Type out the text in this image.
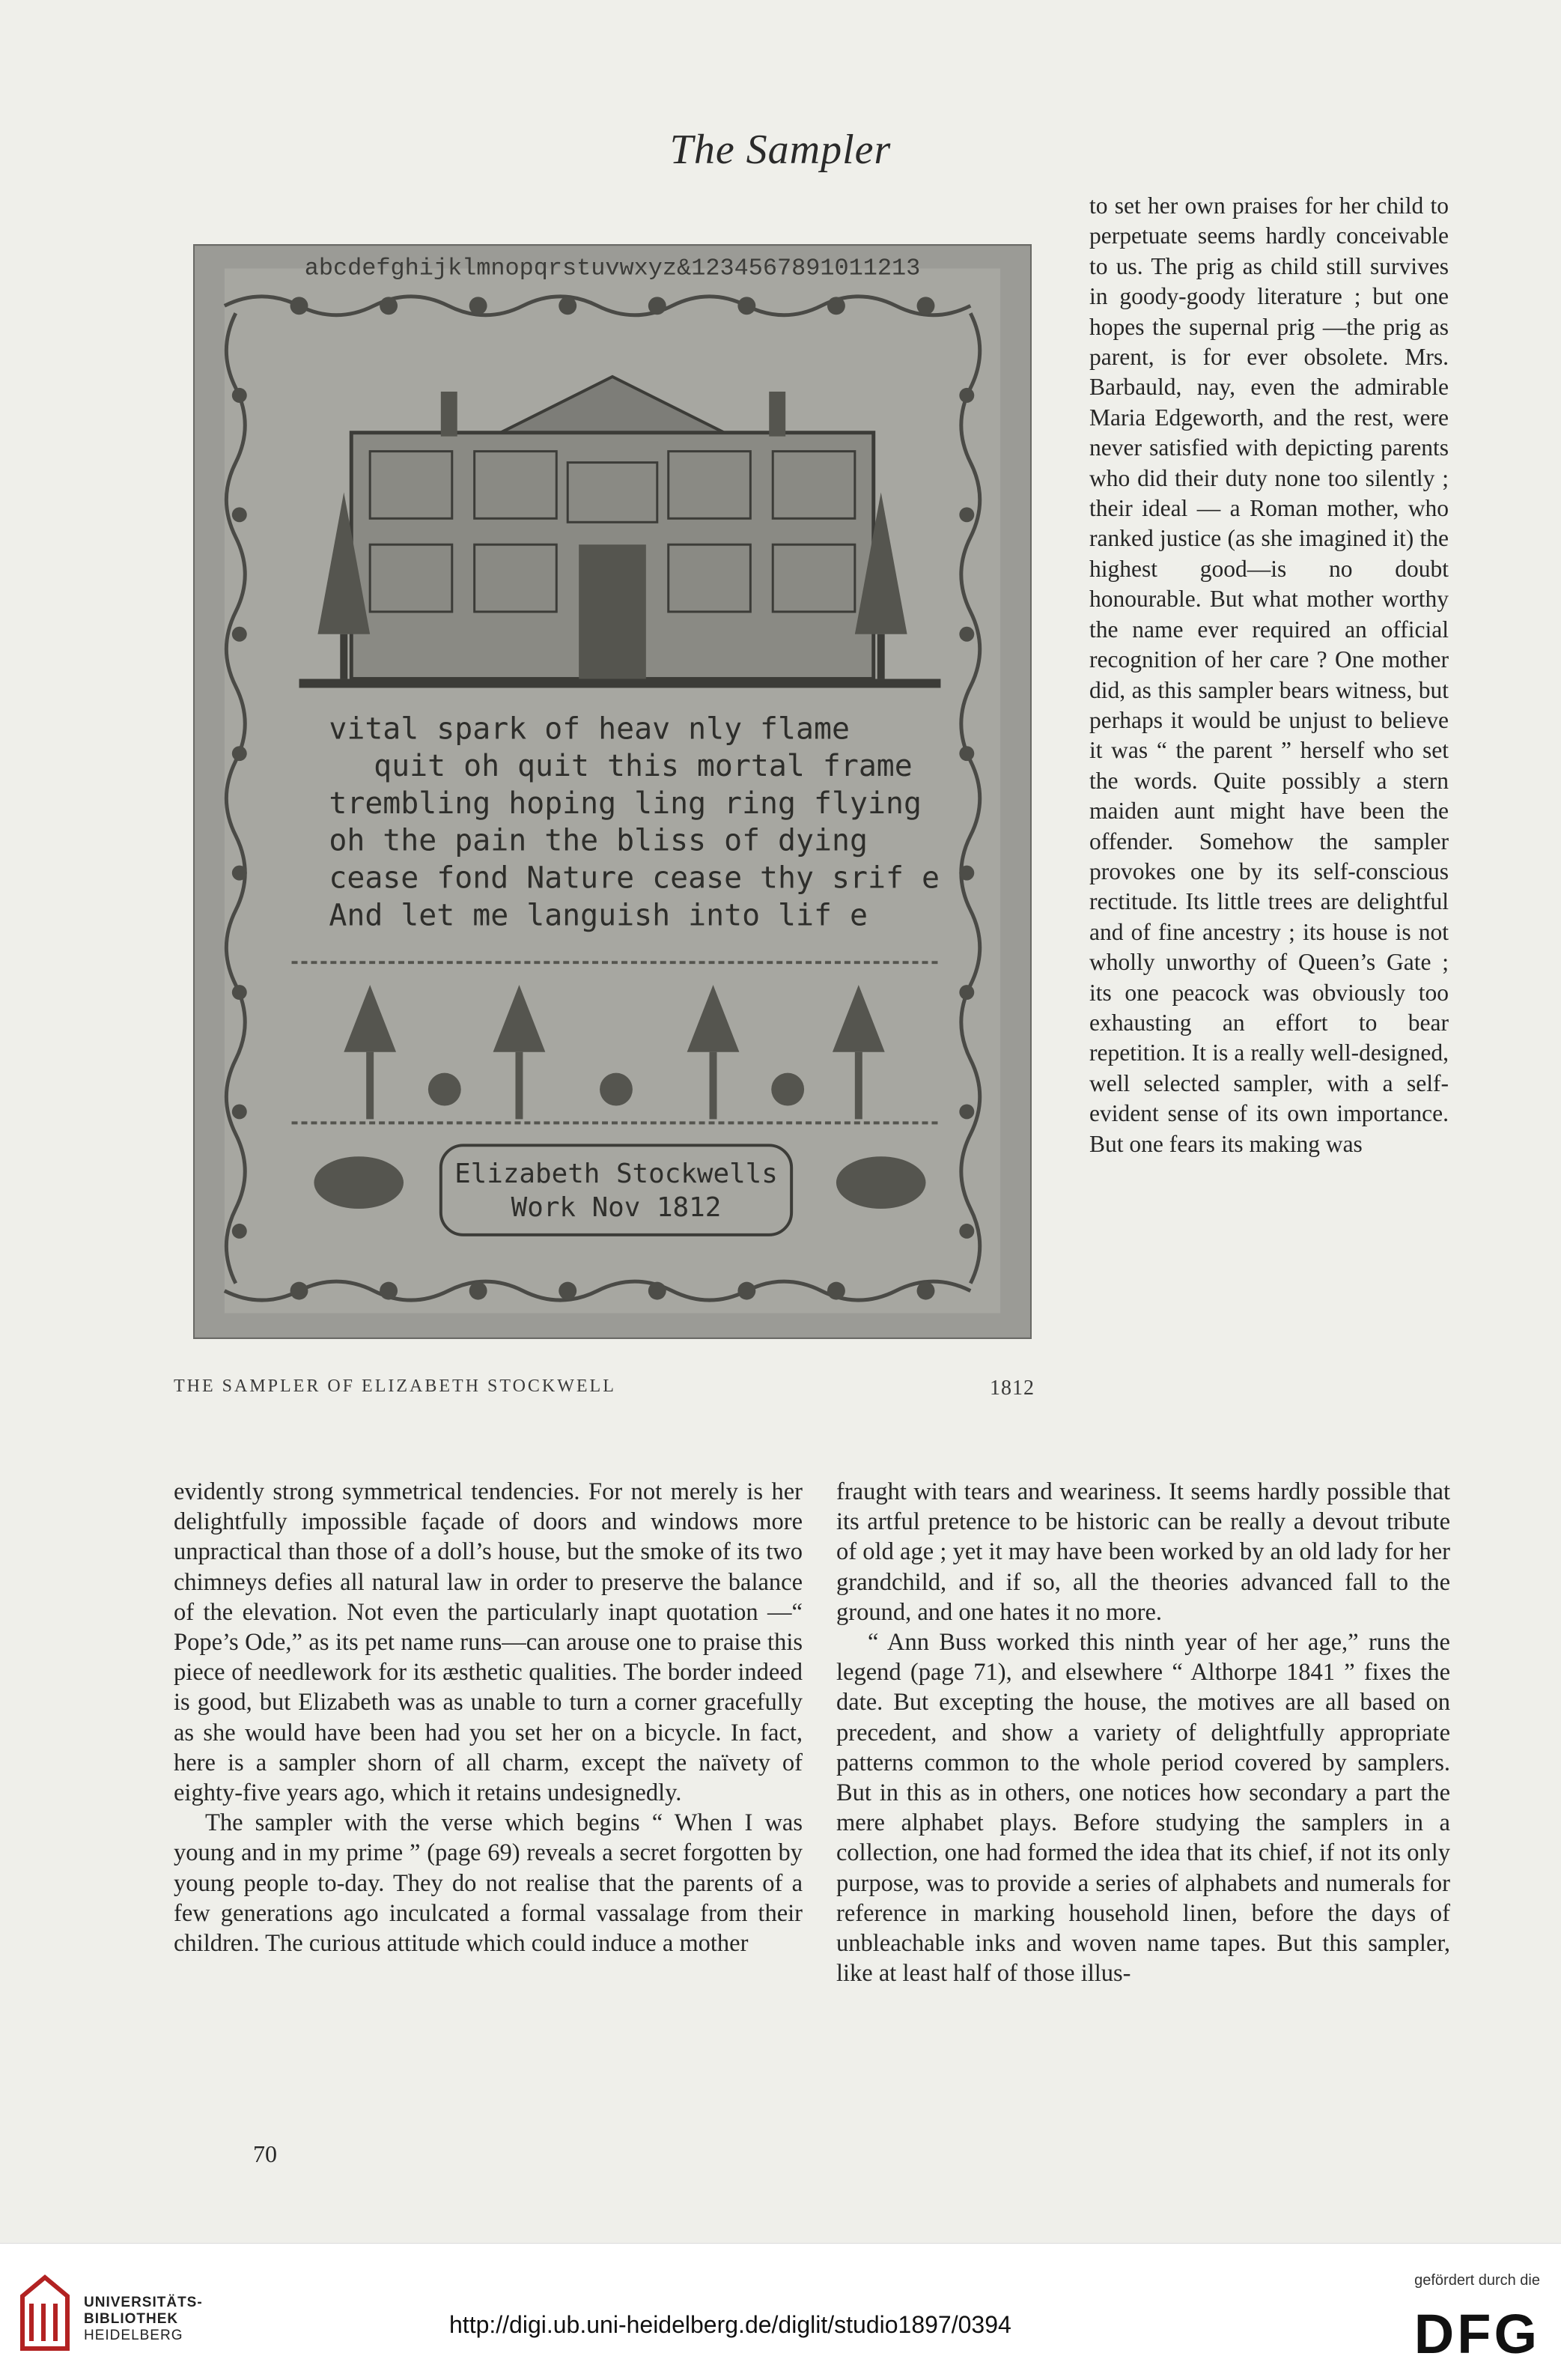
The Sampler
abcdefghijklmnopqrstuvwxyz&1234567891011213
vital spark of heav nly flame
quit oh quit this mortal frame
trembling hoping ling ring flying
oh the pain the bliss of dying
cease fond Nature cease thy srif e
And let me languish into lif e
Elizabeth Stockwells
Work Nov 1812
THE SAMPLER OF ELIZABETH STOCKWELL	1812

to set her own praises for her child to perpetuate seems hardly conceivable to us. The prig as child still survives in goody-goody literature ; but one hopes the supernal prig —the prig as parent, is for ever obsolete. Mrs. Barbauld, nay, even the admirable Maria Edgeworth, and the rest, were never satisfied with depicting parents who did their duty none too silently ; their ideal — a Roman mother, who ranked justice (as she imagined it) the highest good—is no doubt honourable. But what mother worthy the name ever required an official recognition of her care ? One mother did, as this sampler bears witness, but perhaps it would be unjust to believe it was “ the parent ” herself who set the words. Quite possibly a stern maiden aunt might have been the offender. Somehow the sampler provokes one by its self-conscious rectitude. Its little trees are delightful and of fine ancestry ; its house is not wholly unworthy of Queen’s Gate ; its one peacock was obviously too exhausting an effort to bear repetition. It is a really well-designed, well selected sampler, with a self-evident sense of its own importance. But one fears its making was

evidently strong symmetrical tendencies. For not merely is her delightfully impossible façade of doors and windows more unpractical than those of a doll’s house, but the smoke of its two chimneys defies all natural law in order to preserve the balance of the elevation. Not even the particularly inapt quotation —“ Pope’s Ode,” as its pet name runs—can arouse one to praise this piece of needlework for its æsthetic qualities. The border indeed is good, but Elizabeth was as unable to turn a corner gracefully as she would have been had you set her on a bicycle. In fact, here is a sampler shorn of all charm, except the naïvety of eighty-five years ago, which it retains undesignedly.

The sampler with the verse which begins “ When I was young and in my prime ” (page 69) reveals a secret forgotten by young people to-day. They do not realise that the parents of a few generations ago inculcated a formal vassalage from their children. The curious attitude which could induce a mother

fraught with tears and weariness. It seems hardly possible that its artful pretence to be historic can be really a devout tribute of old age ; yet it may have been worked by an old lady for her grandchild, and if so, all the theories advanced fall to the ground, and one hates it no more.

“ Ann Buss worked this ninth year of her age,” runs the legend (page 71), and elsewhere “ Althorpe 1841 ” fixes the date. But excepting the house, the motives are all based on precedent, and show a variety of delightfully appropriate patterns common to the whole period covered by samplers. But in this as in others, one notices how secondary a part the mere alphabet plays. Before studying the samplers in a collection, one had formed the idea that its chief, if not its only purpose, was to provide a series of alphabets and numerals for reference in marking household linen, before the days of unbleachable inks and woven name tapes. But this sampler, like at least half of those illus-

70
UNIVERSITÄTS-
BIBLIOTHEK
HEIDELBERG	http://digi.ub.uni-heidelberg.de/diglit/studio1897/0394
gefördert durch die
DFG
